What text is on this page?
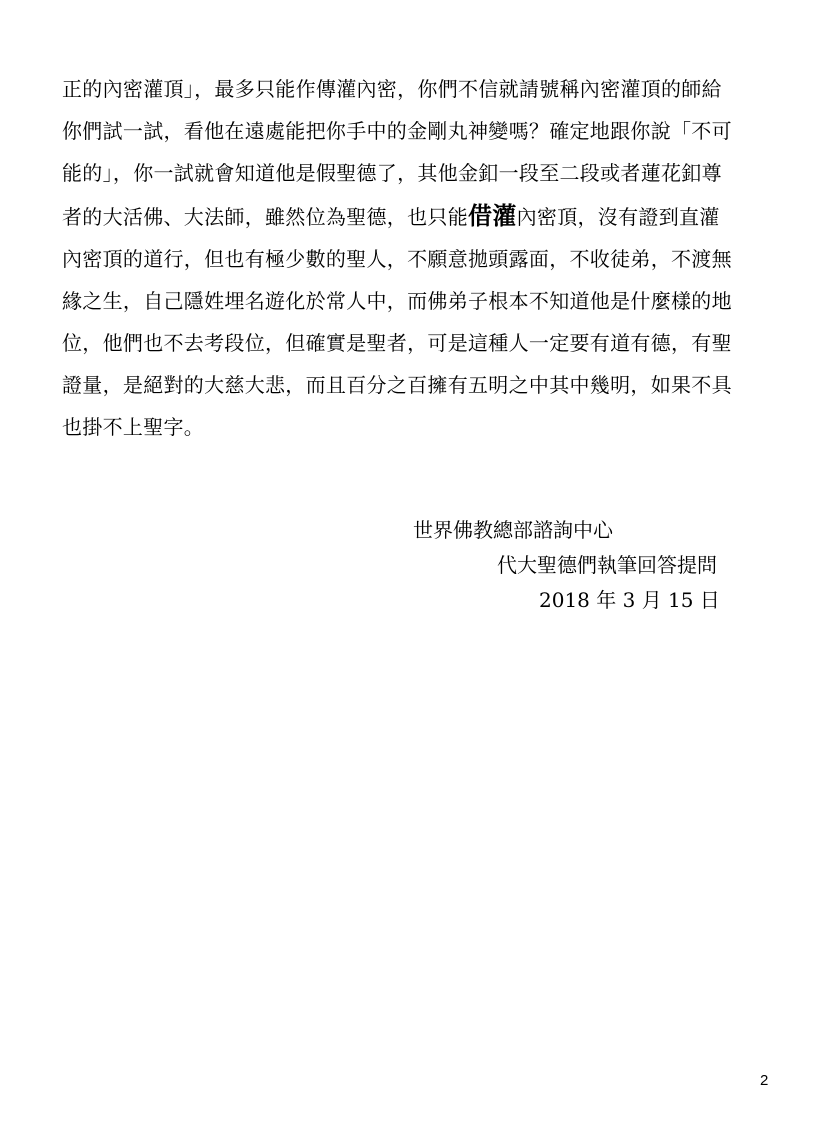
正的內密灌頂」，最多只能作傳灌內密，你們不信就請號稱內密灌頂的師給
你們試一試，看他在遠處能把你手中的金剛丸神變嗎？確定地跟你說「不可
能的」，你一試就會知道他是假聖德了，其他金釦一段至二段或者蓮花釦尊
者的大活佛、大法師，雖然位為聖德，也只能借灌內密頂，沒有證到直灌
內密頂的道行，但也有極少數的聖人，不願意拋頭露面，不收徒弟，不渡無
緣之生，自己隱姓埋名遊化於常人中，而佛弟子根本不知道他是什麼樣的地
位，他們也不去考段位，但確實是聖者，可是這種人一定要有道有德，有聖
證量，是絕對的大慈大悲，而且百分之百擁有五明之中其中幾明，如果不具
也掛不上聖字。
世界佛教總部諮詢中心
代大聖德們執筆回答提問
2018 年 3 月 15 日
2
